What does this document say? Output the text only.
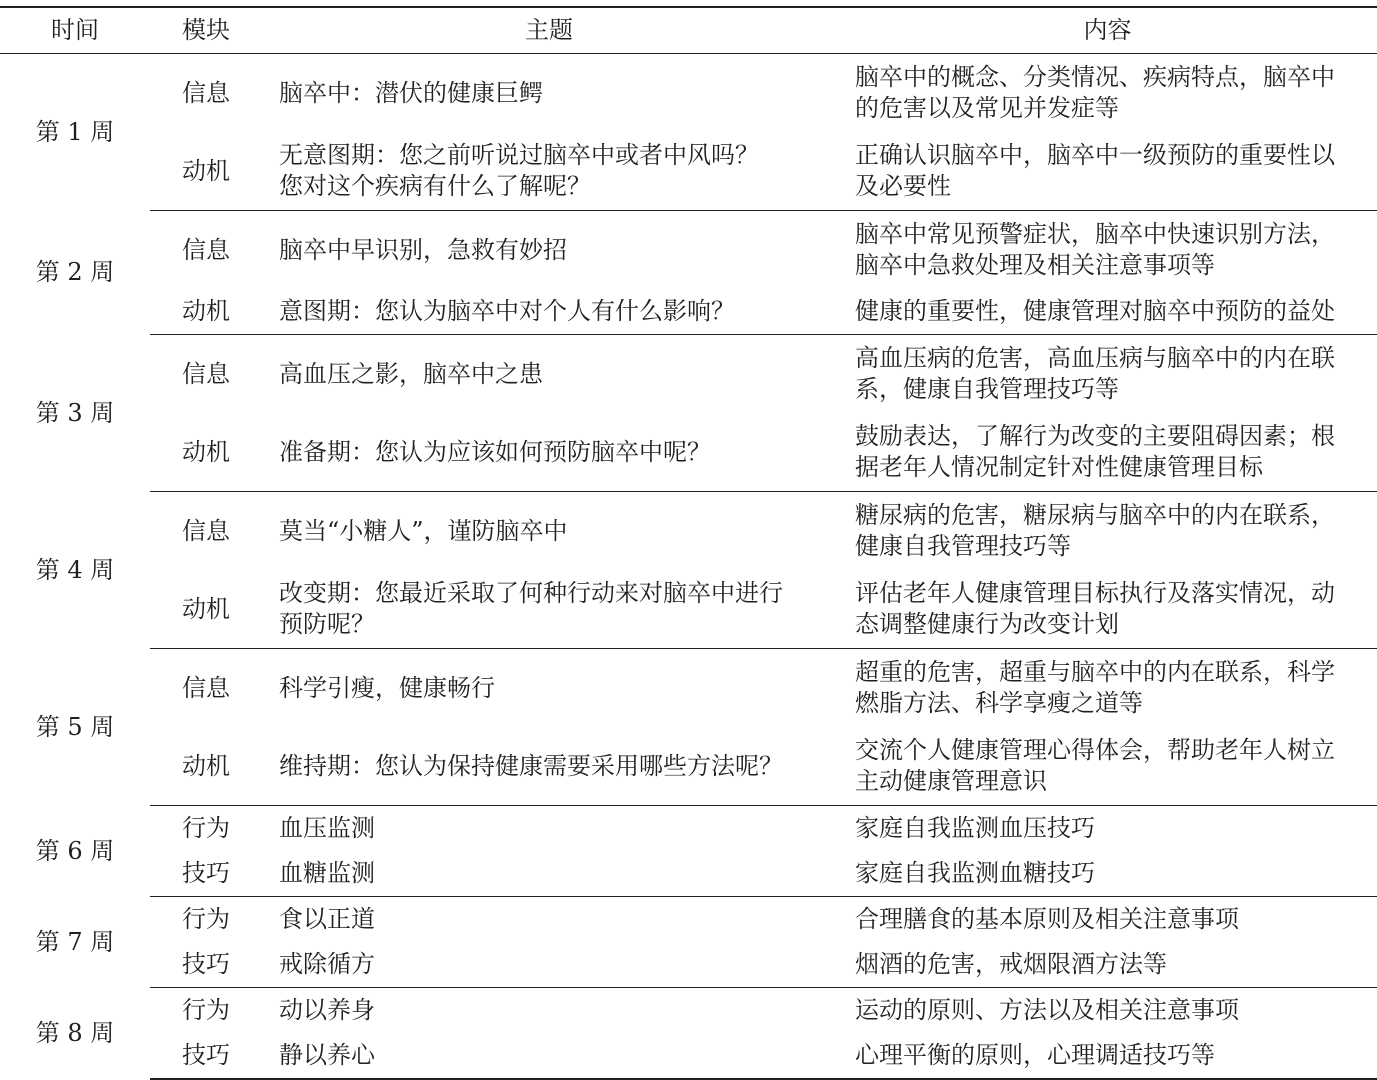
时间	模块	主题	内容
第 1 周	信息	脑卒中：潜伏的健康巨鳄	脑卒中的概念、分类情况、疾病特点，脑卒中
的危害以及常见并发症等

	动机	无意图期：您之前听说过脑卒中或者中风吗？
您对这个疾病有什么了解呢？	正确认识脑卒中，脑卒中一级预防的重要性以
及必要性

第 2 周	信息	脑卒中早识别，急救有妙招	脑卒中常见预警症状，脑卒中快速识别方法，
脑卒中急救处理及相关注意事项等

	动机	意图期：您认为脑卒中对个人有什么影响？	健康的重要性，健康管理对脑卒中预防的益处

第 3 周	信息	高血压之影，脑卒中之患	高血压病的危害，高血压病与脑卒中的内在联
系，健康自我管理技巧等

	动机	准备期：您认为应该如何预防脑卒中呢？	鼓励表达，了解行为改变的主要阻碍因素；根
据老年人情况制定针对性健康管理目标

第 4 周	信息	莫当“小糖人”，谨防脑卒中	糖尿病的危害，糖尿病与脑卒中的内在联系，
健康自我管理技巧等

	动机	改变期：您最近采取了何种行动来对脑卒中进行
预防呢？	评估老年人健康管理目标执行及落实情况，动
态调整健康行为改变计划

第 5 周	信息	科学引瘦，健康畅行	超重的危害，超重与脑卒中的内在联系，科学
燃脂方法、科学享瘦之道等

	动机	维持期：您认为保持健康需要采用哪些方法呢？	交流个人健康管理心得体会，帮助老年人树立
主动健康管理意识

第 6 周	行为	血压监测	家庭自我监测血压技巧

	技巧	血糖监测	家庭自我监测血糖技巧

第 7 周	行为	食以正道	合理膳食的基本原则及相关注意事项

	技巧	戒除循方	烟酒的危害，戒烟限酒方法等

第 8 周	行为	动以养身	运动的原则、方法以及相关注意事项

	技巧	静以养心	心理平衡的原则，心理调适技巧等
